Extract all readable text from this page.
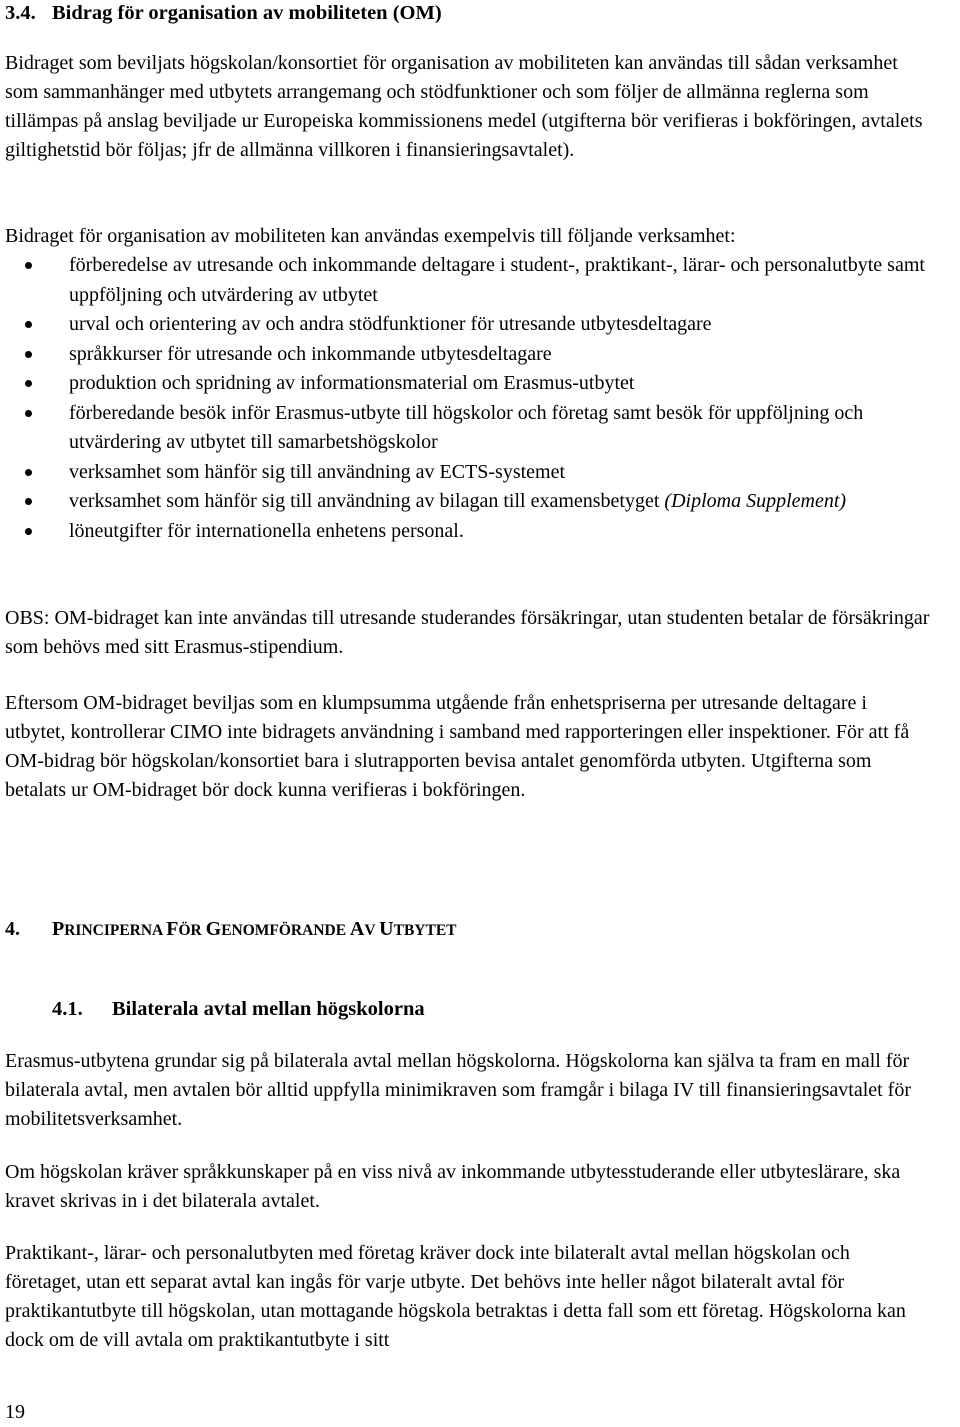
3.4. Bidrag för organisation av mobiliteten (OM)

Bidraget som beviljats högskolan/konsortiet för organisation av mobiliteten kan användas till sådan verksamhet som sammanhänger med utbytets arrangemang och stödfunktioner och som följer de allmänna reglerna som tillämpas på anslag beviljade ur Europeiska kommissionens medel (utgifterna bör verifieras i bokföringen, avtalets giltighetstid bör följas; jfr de allmänna villkoren i finansieringsavtalet).

Bidraget för organisation av mobiliteten kan användas exempelvis till följande verksamhet:

förberedelse av utresande och inkommande deltagare i student-, praktikant-, lärar- och personalutbyte samt uppföljning och utvärdering av utbytet
urval och orientering av och andra stödfunktioner för utresande utbytesdeltagare
språkkurser för utresande och inkommande utbytesdeltagare
produktion och spridning av informationsmaterial om Erasmus-utbytet
förberedande besök inför Erasmus-utbyte till högskolor och företag samt besök för uppföljning och utvärdering av utbytet till samarbetshögskolor
verksamhet som hänför sig till användning av ECTS-systemet
verksamhet som hänför sig till användning av bilagan till examensbetyget (Diploma Supplement)
löneutgifter för internationella enhetens personal.

OBS: OM-bidraget kan inte användas till utresande studerandes försäkringar, utan studenten betalar de försäkringar som behövs med sitt Erasmus-stipendium.

Eftersom OM-bidraget beviljas som en klumpsumma utgående från enhetspriserna per utresande deltagare i utbytet, kontrollerar CIMO inte bidragets användning i samband med rapporteringen eller inspektioner. För att få OM-bidrag bör högskolan/konsortiet bara i slutrapporten bevisa antalet genomförda utbyten. Utgifterna som betalats ur OM-bidraget bör dock kunna verifieras i bokföringen.

4. PRINCIPERNA FÖR GENOMFÖRANDE AV UTBYTET
4.1. Bilaterala avtal mellan högskolorna

Erasmus-utbytena grundar sig på bilaterala avtal mellan högskolorna. Högskolorna kan själva ta fram en mall för bilaterala avtal, men avtalen bör alltid uppfylla minimikraven som framgår i bilaga IV till finansieringsavtalet för mobilitetsverksamhet.

Om högskolan kräver språkkunskaper på en viss nivå av inkommande utbytesstuderande eller utbyteslärare, ska kravet skrivas in i det bilaterala avtalet.

Praktikant-, lärar- och personalutbyten med företag kräver dock inte bilateralt avtal mellan högskolan och företaget, utan ett separat avtal kan ingås för varje utbyte. Det behövs inte heller något bilateralt avtal för praktikantutbyte till högskolan, utan mottagande högskola betraktas i detta fall som ett företag. Högskolorna kan dock om de vill avtala om praktikantutbyte i sitt

19
